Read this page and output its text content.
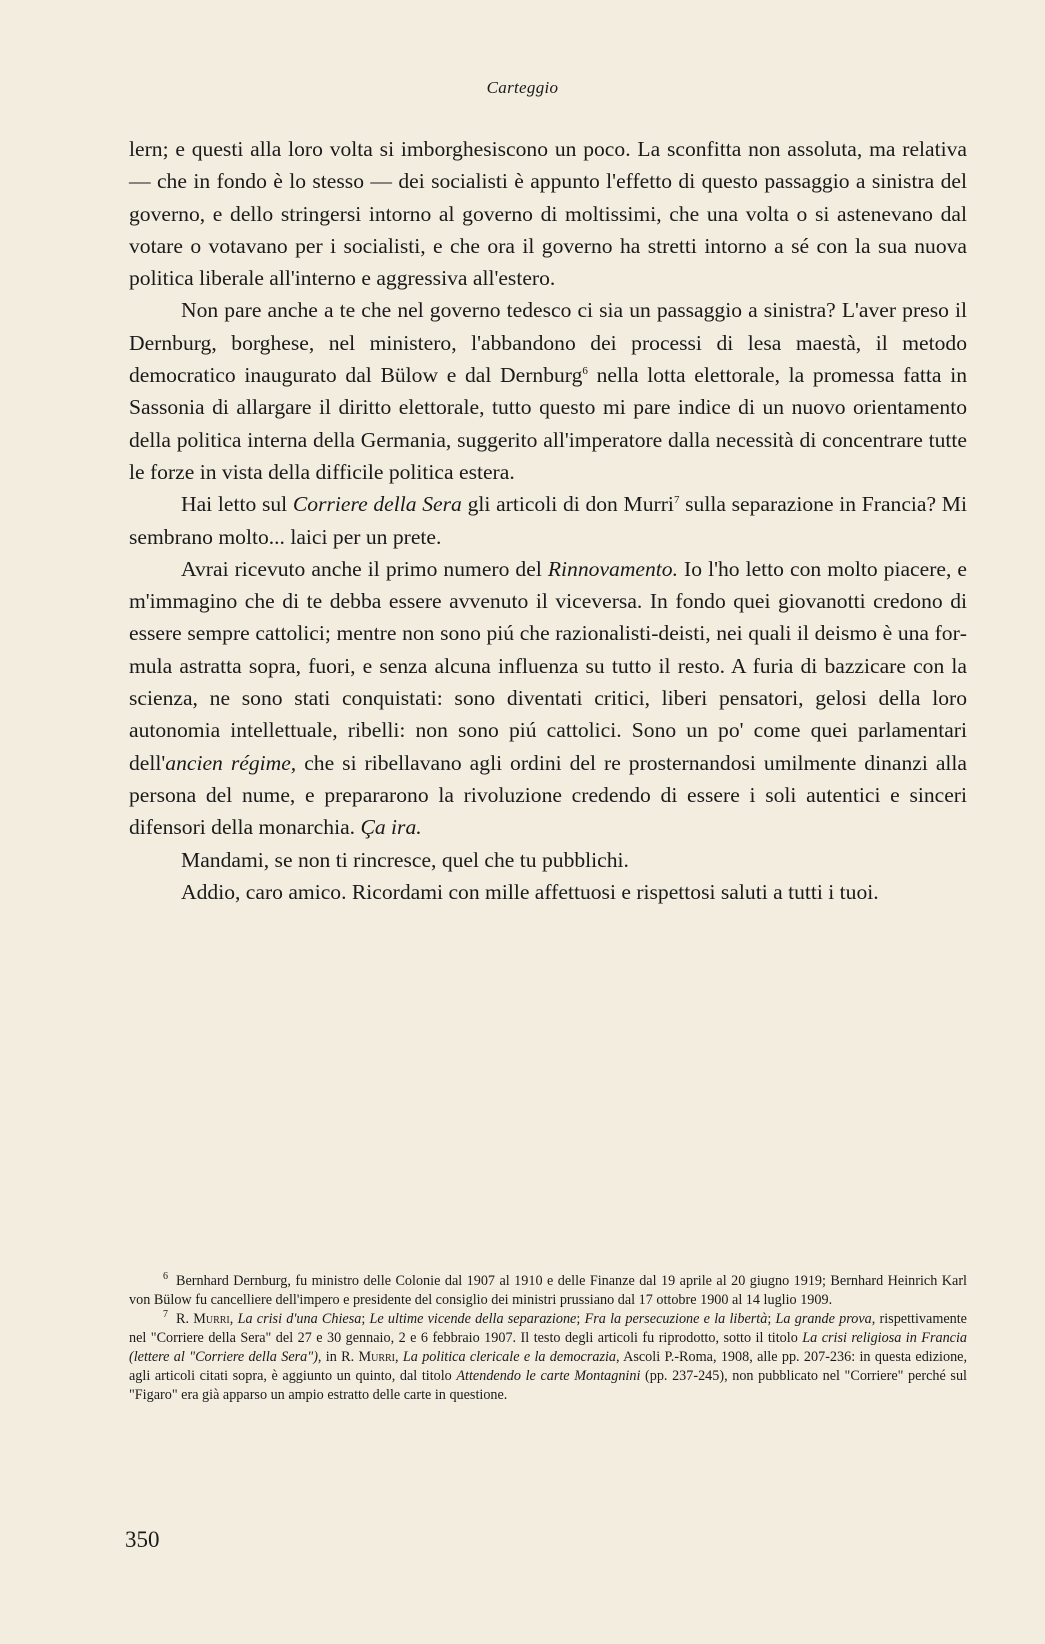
Carteggio

lern; e questi alla loro volta si imborghesiscono un poco. La sconfitta non assoluta, ma relativa — che in fondo è lo stesso — dei socialisti è appunto l'effetto di questo passaggio a sinistra del governo, e dello stringersi intorno al governo di moltissimi, che una volta o si astenevano dal votare o votavano per i socialisti, e che ora il governo ha stretti intorno a sé con la sua nuova politica liberale all'interno e aggressiva all'estero.

Non pare anche a te che nel governo tedesco ci sia un passaggio a sinistra? L'aver preso il Dernburg, borghese, nel ministero, l'abbandono dei processi di lesa maestà, il metodo democratico inaugurato dal Bülow e dal Dernburg$^6$ nella lotta elettorale, la promessa fatta in Sassonia di allargare il diritto elettorale, tutto questo mi pare indice di un nuovo orientamento della politica interna della Germania, suggerito all'imperatore dalla necessità di concentrare tutte le forze in vista della difficile politica estera.

Hai letto sul Corriere della Sera gli articoli di don Murri$^7$ sulla separazione in Francia? Mi sembrano molto... laici per un prete.

Avrai ricevuto anche il primo numero del Rinnovamento. Io l'ho letto con molto piacere, e m'immagino che di te debba essere avvenuto il viceversa. In fondo quei giovanotti credono di essere sempre cattolici; mentre non sono piú che razionalisti-deisti, nei quali il deismo è una formula astratta sopra, fuori, e senza alcuna influenza su tutto il resto. A furia di bazzicare con la scienza, ne sono stati conquistati: sono diventati critici, liberi pensatori, gelosi della loro autonomia intellettuale, ribelli: non sono piú cattolici. Sono un po' come quei parlamentari dell'ancien régime, che si ribellavano agli ordini del re prosternandosi umilmente dinanzi alla persona del nume, e prepararono la rivoluzione credendo di essere i soli autentici e sinceri difensori della monarchia. Ça ira.

Mandami, se non ti rincresce, quel che tu pubblichi.

Addio, caro amico. Ricordami con mille affettuosi e rispettosi saluti a tutti i tuoi.

$^6$ Bernhard Dernburg, fu ministro delle Colonie dal 1907 al 1910 e delle Finanze dal 19 aprile al 20 giugno 1919; Bernhard Heinrich Karl von Bülow fu cancelliere dell'impero e presidente del consiglio dei ministri prussiano dal 17 ottobre 1900 al 14 luglio 1909.

$^7$ R. Murri, La crisi d'una Chiesa; Le ultime vicende della separazione; Fra la persecuzione e la libertà; La grande prova, rispettivamente nel "Corriere della Sera" del 27 e 30 gennaio, 2 e 6 febbraio 1907. Il testo degli articoli fu riprodotto, sotto il titolo La crisi religiosa in Francia (lettere al "Corriere della Sera"), in R. Murri, La politica clericale e la democrazia, Ascoli P.-Roma, 1908, alle pp. 207-236: in questa edizione, agli articoli citati sopra, è aggiunto un quinto, dal titolo Attendendo le carte Montagnini (pp. 237-245), non pubblicato nel "Corriere" perché sul "Figaro" era già apparso un ampio estratto delle carte in questione.

350
